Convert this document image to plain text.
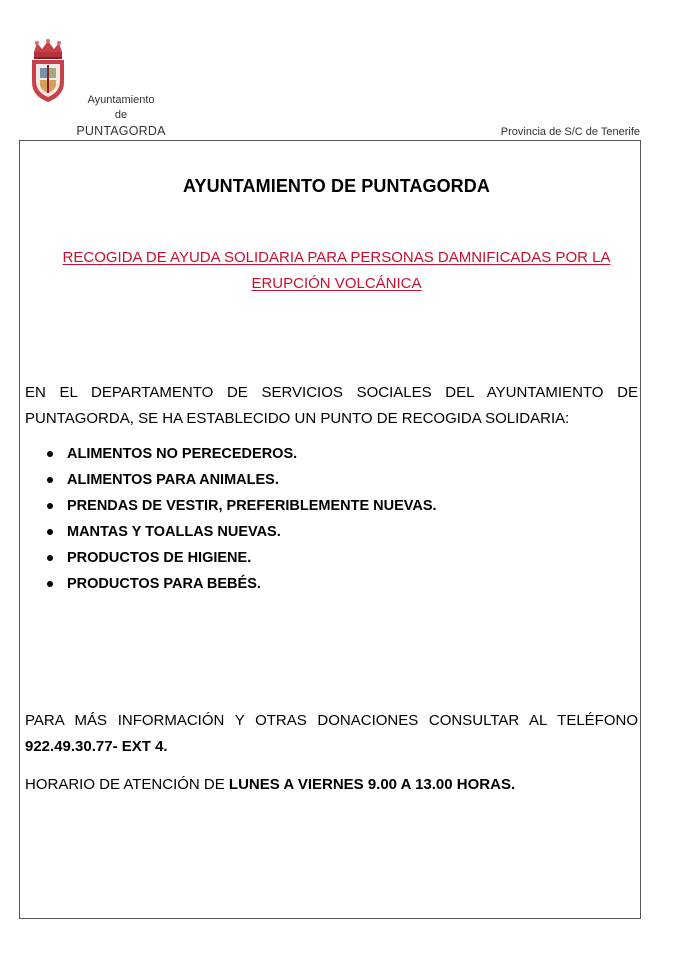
Ayuntamiento
de
PUNTAGORDA	Provincia de S/C de Tenerife
AYUNTAMIENTO DE PUNTAGORDA
RECOGIDA DE AYUDA SOLIDARIA PARA PERSONAS DAMNIFICADAS POR LA
ERUPCIÓN VOLCÁNICA
EN EL DEPARTAMENTO DE SERVICIOS SOCIALES DEL AYUNTAMIENTO DE
PUNTAGORDA, SE HA ESTABLECIDO UN PUNTO DE RECOGIDA SOLIDARIA:
ALIMENTOS NO PERECEDEROS.
ALIMENTOS PARA ANIMALES.
PRENDAS DE VESTIR, PREFERIBLEMENTE NUEVAS.
MANTAS Y TOALLAS NUEVAS.
PRODUCTOS DE HIGIENE.
PRODUCTOS PARA BEBÉS.
PARA MÁS INFORMACIÓN Y OTRAS DONACIONES CONSULTAR AL TELÉFONO
922.49.30.77- EXT 4.
HORARIO DE ATENCIÓN DE LUNES A VIERNES 9.00 A 13.00 HORAS.
